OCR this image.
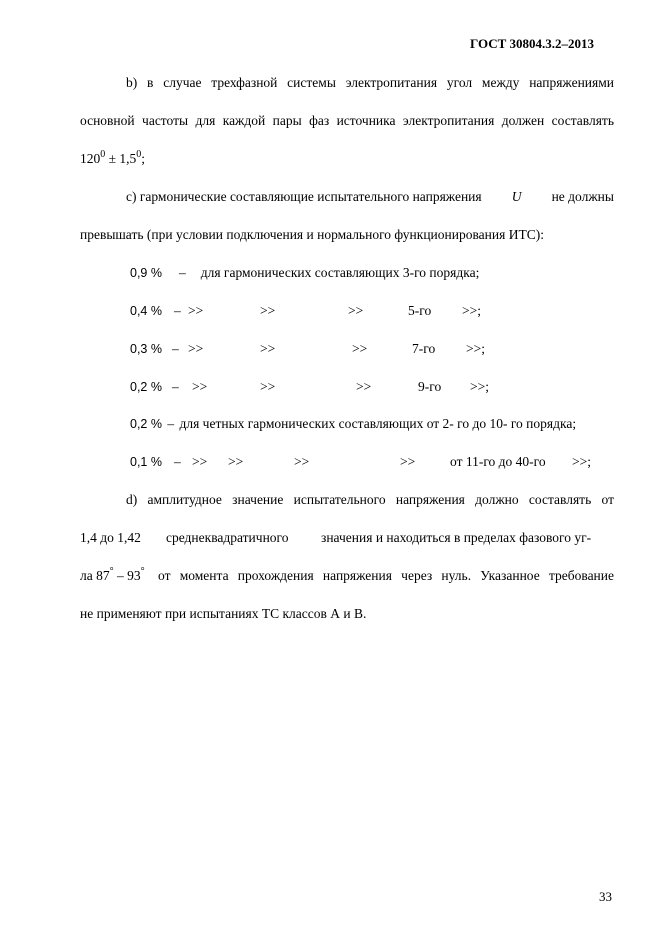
ГОСТ 30804.3.2–2013
b) в случае трехфазной системы электропитания угол между напряжениями
основной частоты для каждой пары фаз источника электропитания должен составлять
$120^0 \pm 1,5^0$;
c) гармонические составляющие испытательного напряжения U не должны
превышать (при условии подключения и нормального функционирования ИТС):
0,9 % – для гармонических составляющих 3-го порядка;
0,4 % – >>	>>	>>	5-го >>;
0,3 % – >>	>>	>>	7-го >>;
0,2 % – >>	>>	>>	9-го >>;
0,2 % – для четных гармонических составляющих от 2- го до 10- го порядка;
0,1 % – >> >>	>>	>>	от 11-го до 40-го >>;
d) амплитудное значение испытательного напряжения должно составлять от
1,4 до 1,42 среднеквадратичного значения и находиться в пределах фазового уг-
ла 87° – 93° от момента прохождения напряжения через нуль. Указанное требование
не применяют при испытаниях ТС классов А и В.
33
